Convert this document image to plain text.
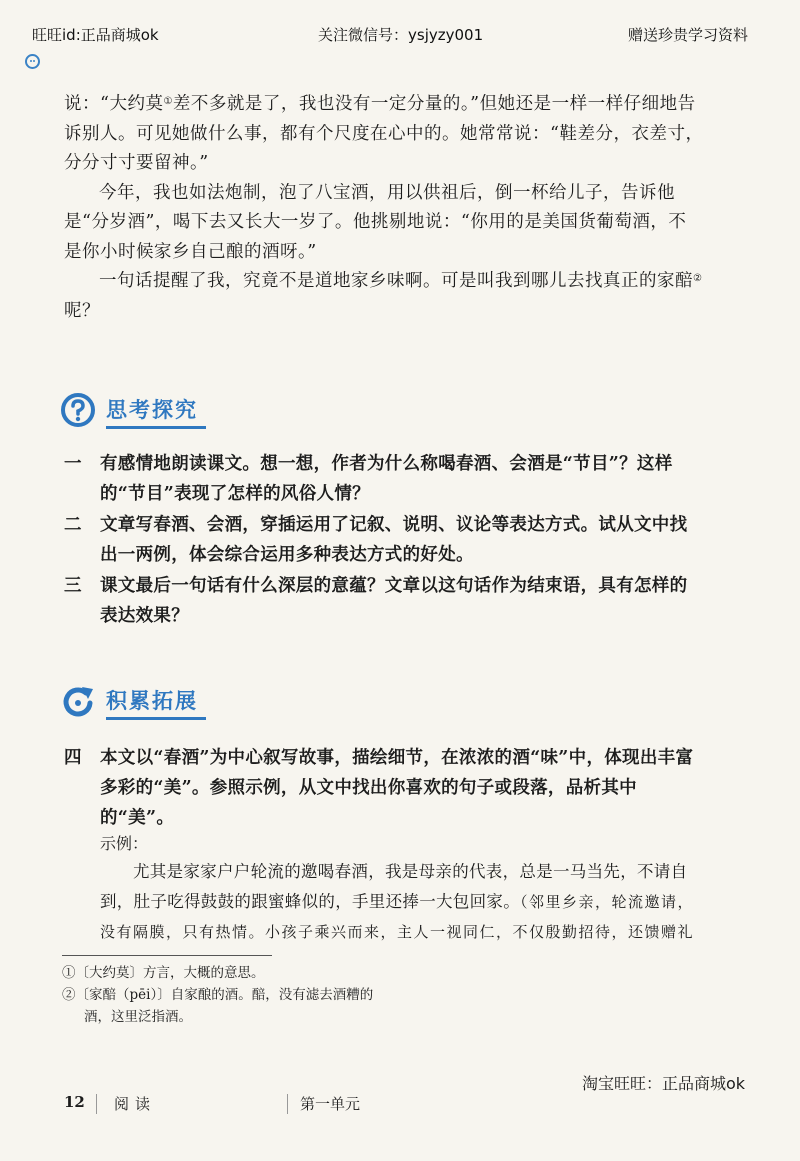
旺旺id:正品商城ok	关注微信号：ysjyzy001	赠送珍贵学习资料

说：“大约莫①差不多就是了，我也没有一定分量的。”但她还是一样一样仔细地告诉别人。可见她做什么事，都有个尺度在心中的。她常常说：“鞋差分，衣差寸，分分寸寸要留神。”

今年，我也如法炮制，泡了八宝酒，用以供祖后，倒一杯给儿子，告诉他是“分岁酒”，喝下去又长大一岁了。他挑剔地说：“你用的是美国货葡萄酒，不是你小时候家乡自己酿的酒呀。”

一句话提醒了我，究竟不是道地家乡味啊。可是叫我到哪儿去找真正的家醅②呢？

思考探究
一 有感情地朗读课文。想一想，作者为什么称喝春酒、会酒是“节目”？这样的“节目”表现了怎样的风俗人情？
二 文章写春酒、会酒，穿插运用了记叙、说明、议论等表达方式。试从文中找出一两例，体会综合运用多种表达方式的好处。
三 课文最后一句话有什么深层的意蕴？文章以这句话作为结束语，具有怎样的表达效果？
积累拓展
四 本文以“春酒”为中心叙写故事，描绘细节，在浓浓的酒“味”中，体现出丰富多彩的“美”。参照示例，从文中找出你喜欢的句子或段落，品析其中的“美”。
示例：
尤其是家家户户轮流的邀喝春酒，我是母亲的代表，总是一马当先，不请自到，肚子吃得鼓鼓的跟蜜蜂似的，手里还捧一大包回家。（邻里乡亲，轮流邀请，没有隔膜，只有热情。小孩子乘兴而来，主人一视同仁，不仅殷勤招待，还馈赠礼

①〔大约莫〕方言，大概的意思。

②〔家醅（pēi）〕自家酿的酒。醅，没有滤去酒糟的

酒，这里泛指酒。

淘宝旺旺：正品商城ok
12 阅读	第一单元
